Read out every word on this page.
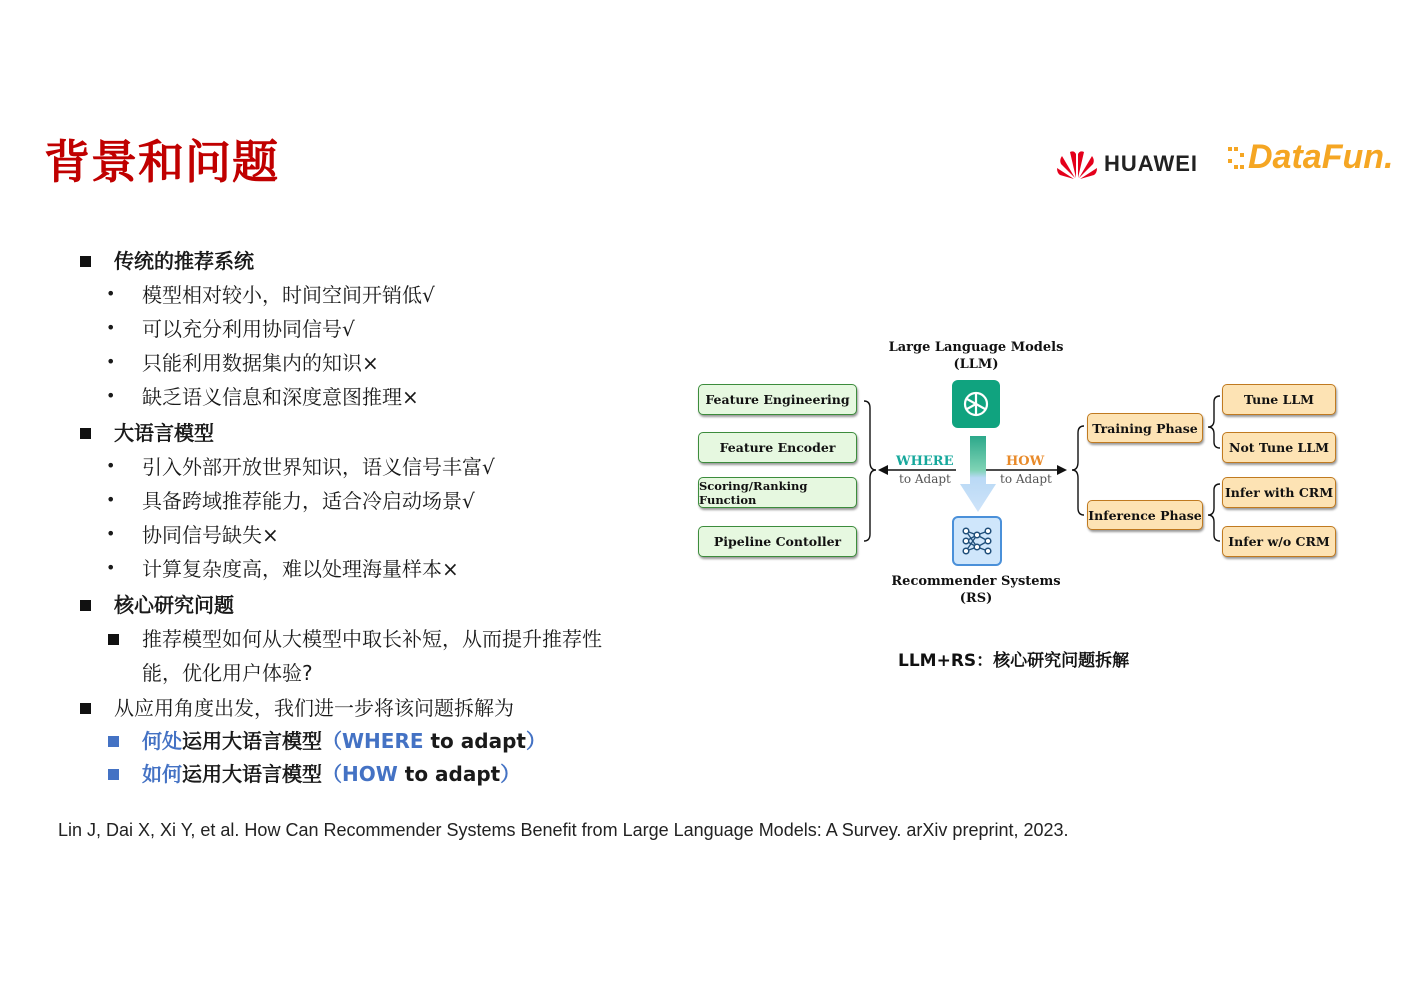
背景和问题	HUAWEI DataFun.
传统的推荐系统
• 模型相对较小，时间空间开销低√
• 可以充分利用协同信号√
• 只能利用数据集内的知识×
• 缺乏语义信息和深度意图推理×
大语言模型
• 引入外部开放世界知识，语义信号丰富√
• 具备跨域推荐能力，适合冷启动场景√
• 协同信号缺失×
• 计算复杂度高，难以处理海量样本×
核心研究问题
推荐模型如何从大模型中取长补短，从而提升推荐性
能，优化用户体验?
从应用角度出发，我们进一步将该问题拆解为
何处运用大语言模型（WHERE to adapt）
如何运用大语言模型（HOW to adapt）
Lin J, Dai X, Xi Y, et al. How Can Recommender Systems Benefit from Large Language Models: A Survey. arXiv preprint, 2023.
Large Language Models
(LLM)
Recommender Systems
(RS)
Feature Engineering
Feature Encoder
Scoring/Ranking Function
Pipeline Contoller
WHERE
to Adapt
HOW
to Adapt
Training Phase
Inference Phase
Tune LLM
Not Tune LLM
Infer with CRM
Infer w/o CRM
LLM+RS：核心研究问题拆解
